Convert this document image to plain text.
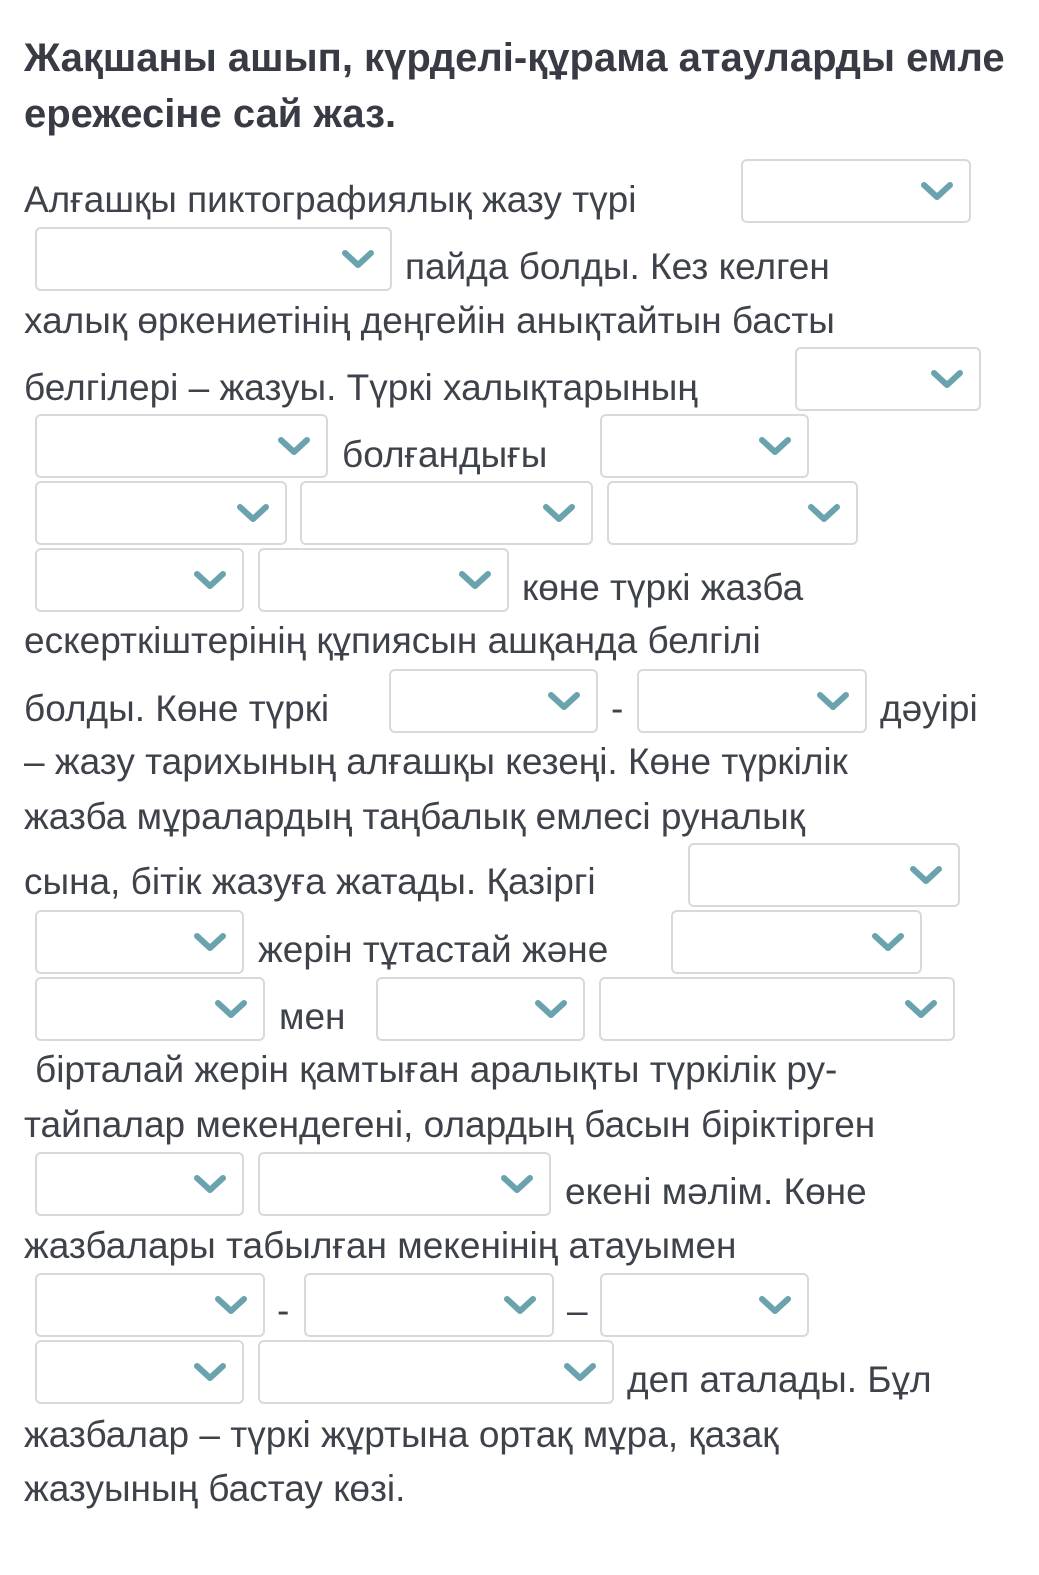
Жақшаны ашып, күрделі-құрама атауларды емле ережесіне сай жаз.
Алғашқы пиктографиялық жазу түрі
пайда болды. Кез келген
халық өркениетінің деңгейін анықтайтын басты
белгілері – жазуы. Түркі халықтарының
болғандығы
көне түркі жазба
ескерткіштерінің құпиясын ашқанда белгілі
болды. Көне түркі	-	дәуірі
– жазу тарихының алғашқы кезеңі. Көне түркілік
жазба мұралардың таңбалық емлесі руналық
сына, бітік жазуға жатады. Қазіргі
жерін тұтастай және
мен
бірталай жерін қамтыған аралықты түркілік ру-
тайпалар мекендегені, олардың басын біріктірген
екені мәлім. Көне
жазбалары табылған мекенінің атауымен
-	–
деп аталады. Бұл
жазбалар – түркі жұртына ортақ мұра, қазақ
жазуының бастау көзі.
